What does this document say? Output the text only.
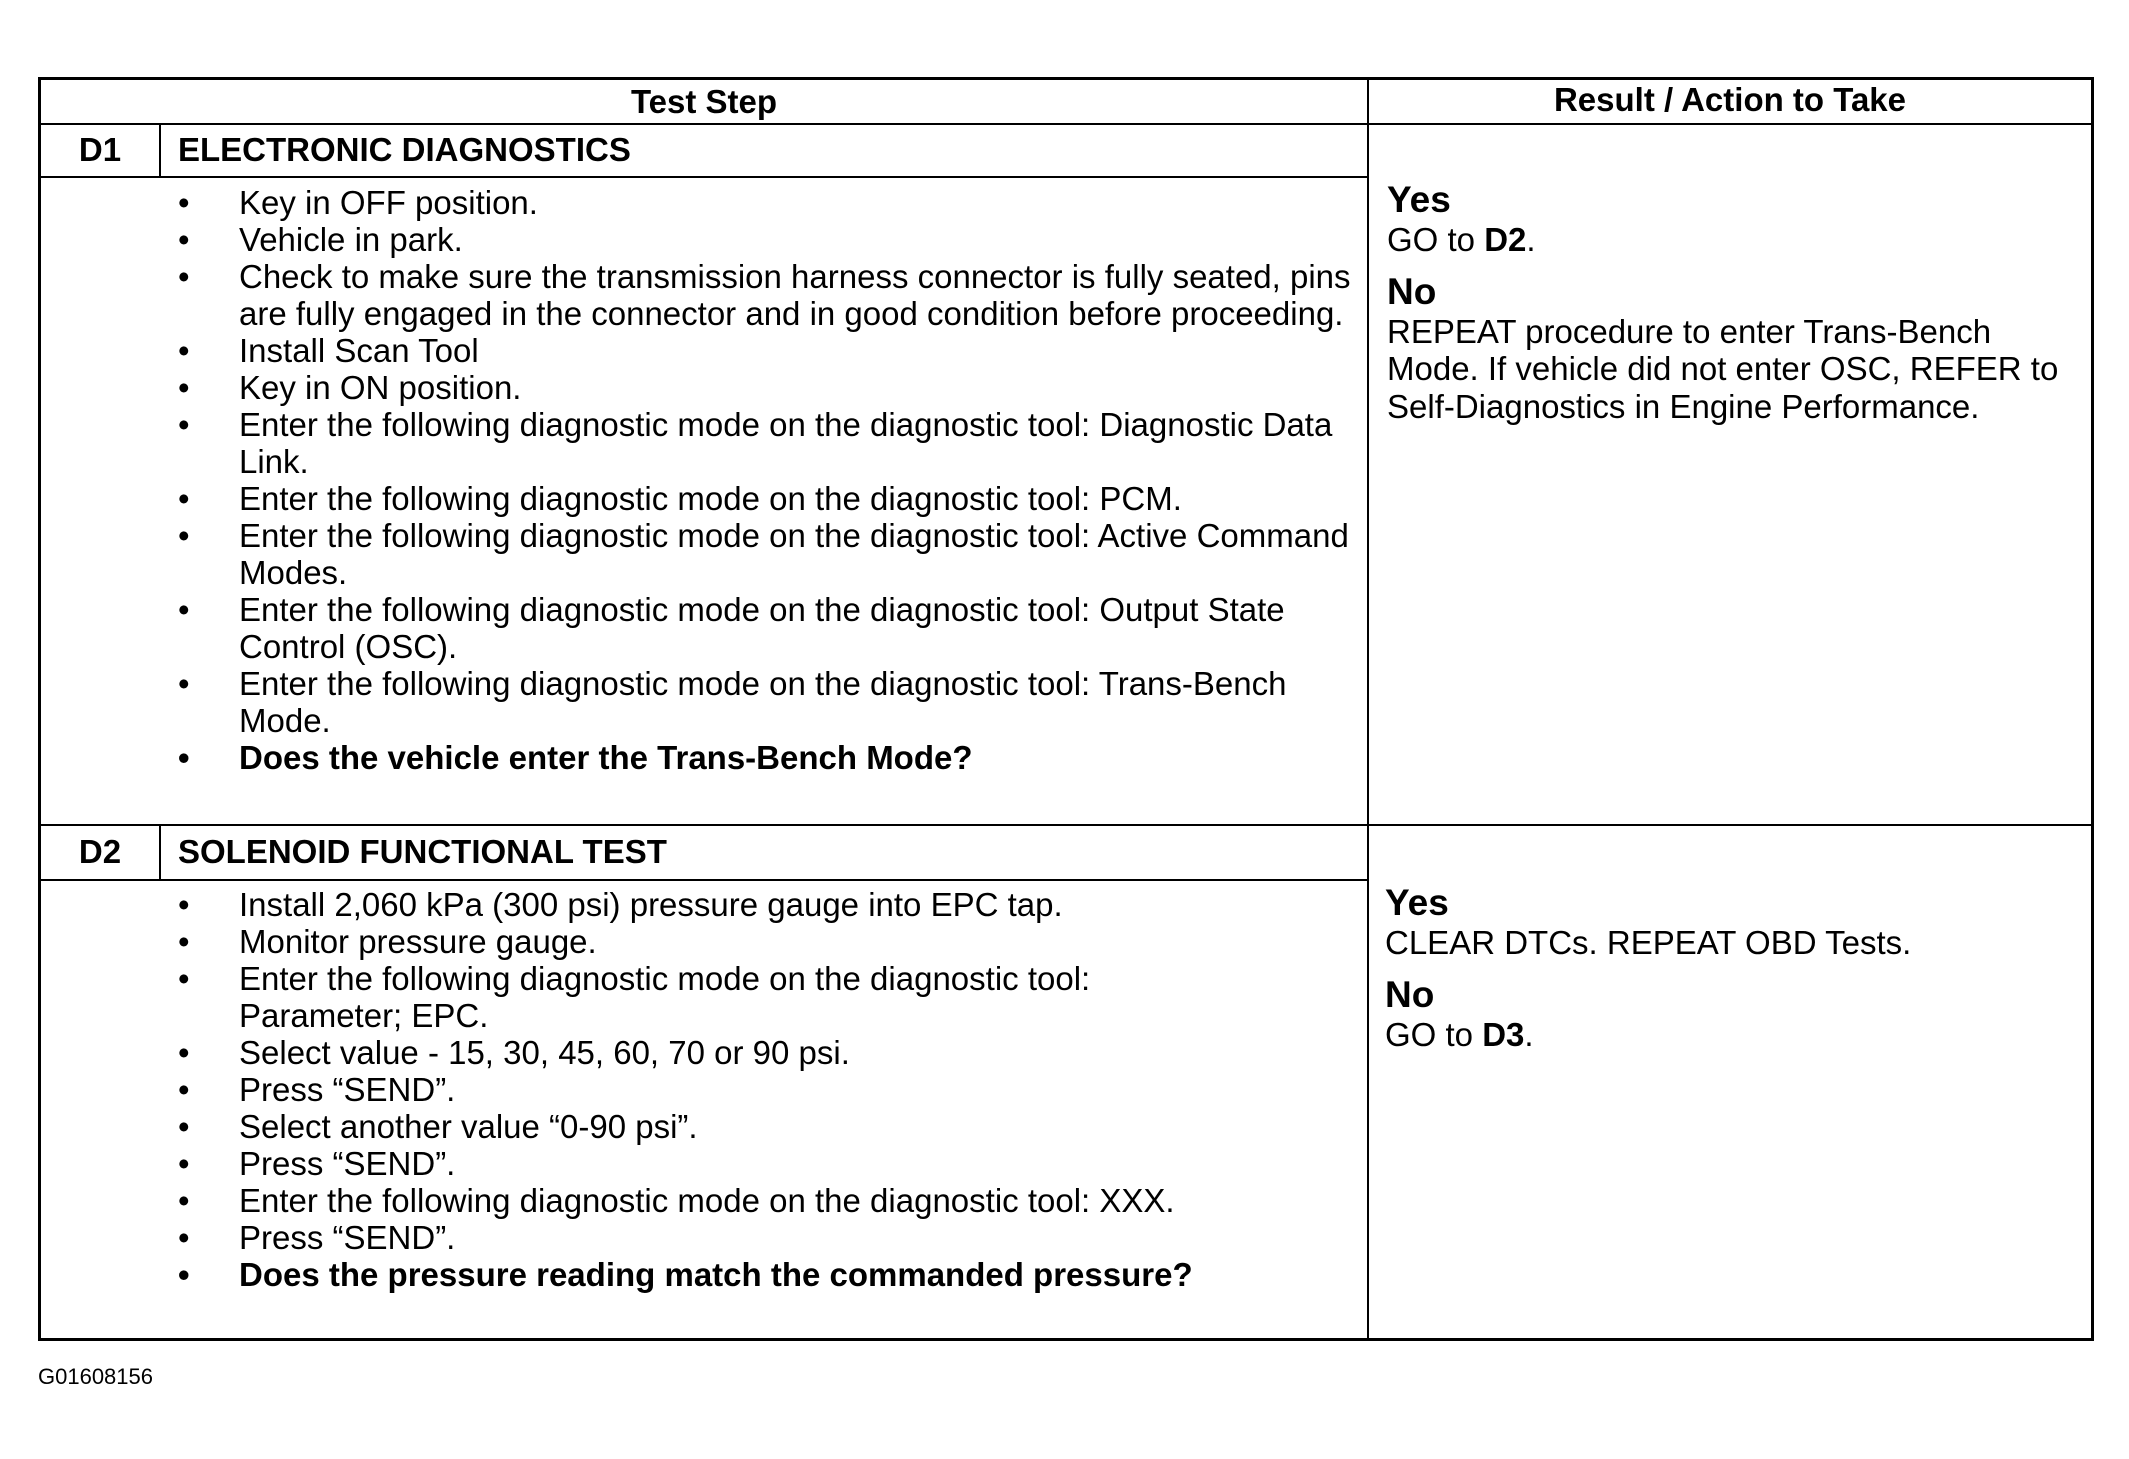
Test Step	Result / Action to Take
D1	ELECTRONIC DIAGNOSTICS
•	Key in OFF position.
•	Vehicle in park.
•	Check to make sure the transmission harness connector is fully seated, pins are fully engaged in the connector and in good condition before proceeding.
•	Install Scan Tool
•	Key in ON position.
•	Enter the following diagnostic mode on the diagnostic tool: Diagnostic Data Link.
•	Enter the following diagnostic mode on the diagnostic tool: PCM.
•	Enter the following diagnostic mode on the diagnostic tool: Active Command Modes.
•	Enter the following diagnostic mode on the diagnostic tool: Output State Control (OSC).
•	Enter the following diagnostic mode on the diagnostic tool: Trans-Bench Mode.
•	Does the vehicle enter the Trans-Bench Mode?
Yes
GO to D2.
No
REPEAT procedure to enter Trans-Bench Mode. If vehicle did not enter OSC, REFER to Self-Diagnostics in Engine Performance.
D2	SOLENOID FUNCTIONAL TEST
•	Install 2,060 kPa (300 psi) pressure gauge into EPC tap.
•	Monitor pressure gauge.
•	Enter the following diagnostic mode on the diagnostic tool: Parameter; EPC.
•	Select value - 15, 30, 45, 60, 70 or 90 psi.
•	Press “SEND”.
•	Select another value “0-90 psi”.
•	Press “SEND”.
•	Enter the following diagnostic mode on the diagnostic tool: XXX.
•	Press “SEND”.
•	Does the pressure reading match the commanded pressure?
Yes
CLEAR DTCs. REPEAT OBD Tests.
No
GO to D3.
G01608156
